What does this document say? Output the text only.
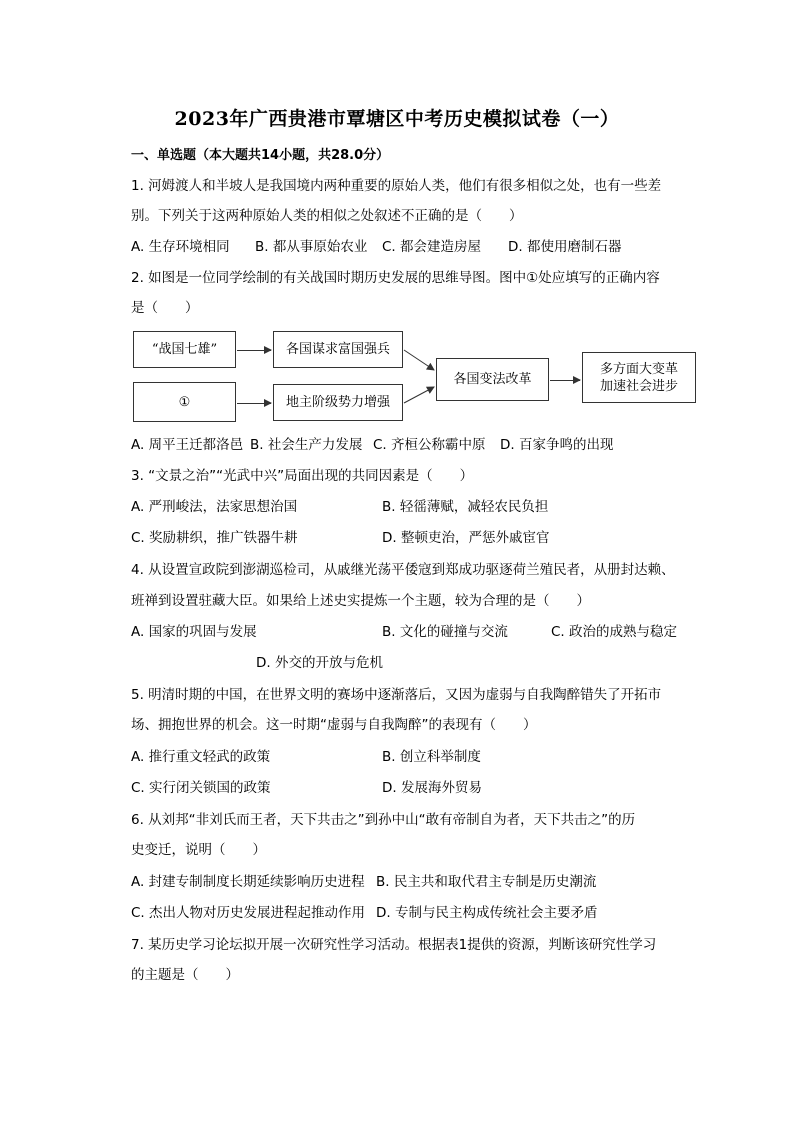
2023年广西贵港市覃塘区中考历史模拟试卷（一）
一、单选题（本大题共14小题，共28.0分）
1. 河姆渡人和半坡人是我国境内两种重要的原始人类，他们有很多相似之处，也有一些差
别。下列关于这两种原始人类的相似之处叙述不正确的是（　　）
A. 生存环境相同 B. 都从事原始农业 C. 都会建造房屋 D. 都使用磨制石器
2. 如图是一位同学绘制的有关战国时期历史发展的思维导图。图中①处应填写的正确内容
是（　　）
“战国七雄”	各国谋求富国强兵
①	地主阶级势力增强
各国变法改革
多方面大变革
加速社会进步
A. 周平王迁都洛邑 B. 社会生产力发展 C. 齐桓公称霸中原 D. 百家争鸣的出现
3. “文景之治”“光武中兴”局面出现的共同因素是（　　）
A. 严刑峻法，法家思想治国	B. 轻徭薄赋，减轻农民负担
C. 奖励耕织，推广铁器牛耕	D. 整顿吏治，严惩外戚宦官
4. 从设置宣政院到澎湖巡检司，从戚继光荡平倭寇到郑成功驱逐荷兰殖民者，从册封达赖、
班禅到设置驻藏大臣。如果给上述史实提炼一个主题，较为合理的是（　　）
A. 国家的巩固与发展	B. 文化的碰撞与交流	C. 政治的成熟与稳定
D. 外交的开放与危机
5. 明清时期的中国，在世界文明的赛场中逐渐落后，又因为虚弱与自我陶醉错失了开拓市
场、拥抱世界的机会。这一时期“虚弱与自我陶醉”的表现有（　　）
A. 推行重文轻武的政策	B. 创立科举制度
C. 实行闭关锁国的政策	D. 发展海外贸易
6. 从刘邦“非刘氏而王者，天下共击之”到孙中山“敢有帝制自为者，天下共击之”的历
史变迁，说明（　　）
A. 封建专制制度长期延续影响历史进程 B. 民主共和取代君主专制是历史潮流
C. 杰出人物对历史发展进程起推动作用 D. 专制与民主构成传统社会主要矛盾
7. 某历史学习论坛拟开展一次研究性学习活动。根据表1提供的资源，判断该研究性学习
的主题是（　　）
